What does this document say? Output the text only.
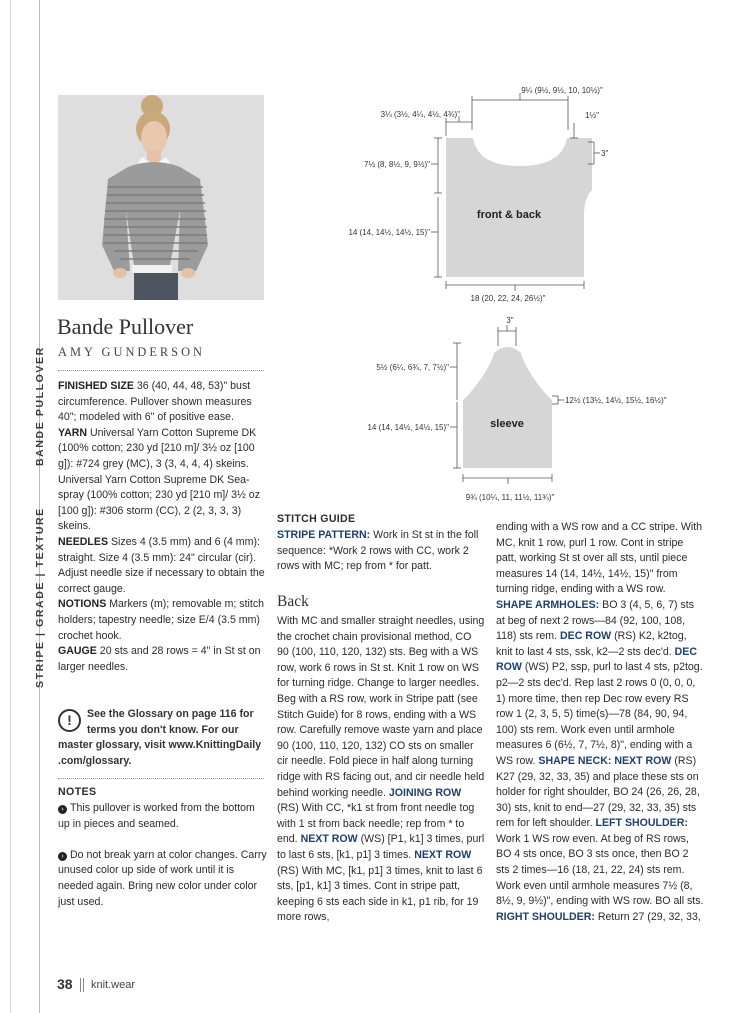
BANDE PULLOVER
STRIPE | GRADE | TEXTURE
Bande Pullover
AMY GUNDERSON

FINISHED SIZE 36 (40, 44, 48, 53)" bust circumference. Pullover shown measures 40"; modeled with 6" of positive ease.

YARN Universal Yarn Cotton Supreme DK (100% cotton; 230 yd [210 m]/ 3½ oz [100 g]): #724 grey (MC), 3 (3, 4, 4, 4) skeins.

Universal Yarn Cotton Supreme DK Sea-spray (100% cotton; 230 yd [210 m]/ 3½ oz [100 g]): #306 storm (CC), 2 (2, 3, 3, 3) skeins.

NEEDLES Sizes 4 (3.5 mm) and 6 (4 mm): straight. Size 4 (3.5 mm): 24" circular (cir). Adjust needle size if necessary to obtain the correct gauge.

NOTIONS Markers (m); removable m; stitch holders; tapestry needle; size E/4 (3.5 mm) crochet hook.

GAUGE 20 sts and 28 rows = 4" in St st on larger needles.

!	See the Glossary on page 116 for
terms you don't know. For our
master glossary, visit www.KnittingDaily
.com/glossary.
NOTES

› This pullover is worked from the bottom up in pieces and seamed.

› Do not break yarn at color changes. Carry unused color up side of work until it is needed again. Bring new color under color just used.

front & back
9¼ (9½, 9½, 10, 10½)"
3¼ (3½, 4¼, 4½, 4¾)"	1½"
3"
7½ (8, 8½, 9, 9½)"
14 (14, 14½, 14½, 15)"
18 (20, 22, 24, 26½)"
sleeve
3"
5½ (6¼, 6¾, 7, 7½)"
14 (14, 14½, 14½, 15)"
12½ (13½, 14½, 15½, 16½)"
9¾ (10¼, 11, 11½, 11¾)"
STITCH GUIDE

STRIPE PATTERN: Work in St st in the foll sequence: *Work 2 rows with CC, work 2 rows with MC; rep from * for patt.

Back

With MC and smaller straight needles, using the crochet chain provisional method, CO 90 (100, 110, 120, 132) sts. Beg with a WS row, work 6 rows in St st. Knit 1 row on WS for turning ridge. Change to larger needles. Beg with a RS row, work in Stripe patt (see Stitch Guide) for 8 rows, ending with a WS row. Carefully remove waste yarn and place 90 (100, 110, 120, 132) CO sts on smaller cir needle. Fold piece in half along turning ridge with RS facing out, and cir needle held behind working needle. JOINING ROW (RS) With CC, *k1 st from front needle tog with 1 st from back needle; rep from * to end. NEXT ROW (WS) [P1, k1] 3 times, purl to last 6 sts, [k1, p1] 3 times. NEXT ROW (RS) With MC, [k1, p1] 3 times, knit to last 6 sts, [p1, k1] 3 times. Cont in stripe patt, keeping 6 sts each side in k1, p1 rib, for 19 more rows,

ending with a WS row and a CC stripe. With MC, knit 1 row, purl 1 row. Cont in stripe patt, working St st over all sts, until piece measures 14 (14, 14½, 14½, 15)" from turning ridge, ending with a WS row. SHAPE ARMHOLES: BO 3 (4, 5, 6, 7) sts at beg of next 2 rows—84 (92, 100, 108, 118) sts rem. DEC ROW (RS) K2, k2tog, knit to last 4 sts, ssk, k2—2 sts dec'd. DEC ROW (WS) P2, ssp, purl to last 4 sts, p2tog. p2—2 sts dec'd. Rep last 2 rows 0 (0, 0, 0, 1) more time, then rep Dec row every RS row 1 (2, 3, 5, 5) time(s)—78 (84, 90, 94, 100) sts rem. Work even until armhole measures 6 (6½, 7, 7½, 8)", ending with a WS row. SHAPE NECK: NEXT ROW (RS) K27 (29, 32, 33, 35) and place these sts on holder for right shoulder, BO 24 (26, 26, 28, 30) sts, knit to end—27 (29, 32, 33, 35) sts rem for left shoulder. LEFT SHOULDER: Work 1 WS row even. At beg of RS rows, BO 4 sts once, BO 3 sts once, then BO 2 sts 2 times—16 (18, 21, 22, 24) sts rem. Work even until armhole measures 7½ (8, 8½, 9, 9½)", ending with WS row. BO all sts. RIGHT SHOULDER: Return 27 (29, 32, 33,

38 knit.wear
